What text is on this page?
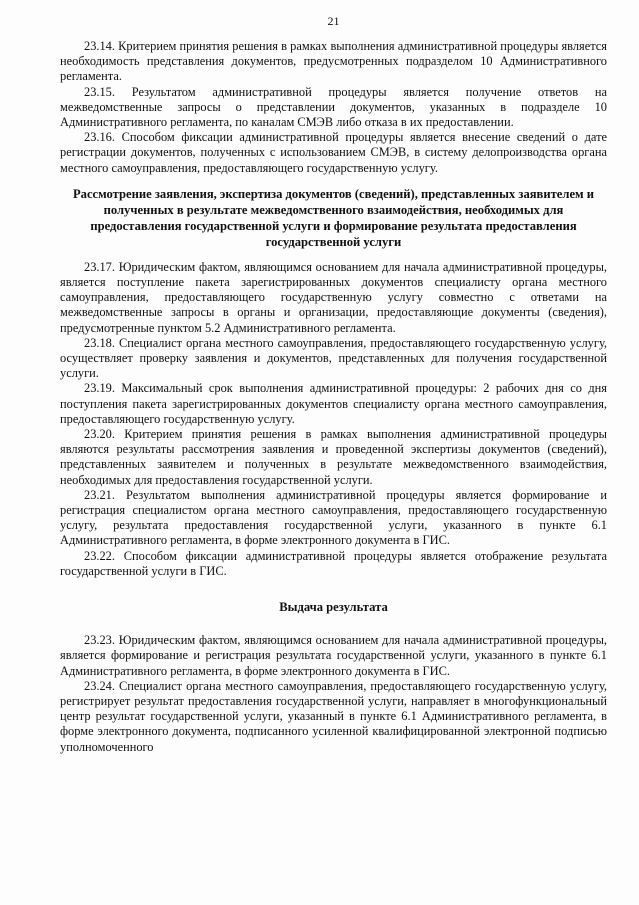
21

23.14. Критерием принятия решения в рамках выполнения административной процедуры является необходимость представления документов, предусмотренных подразделом 10 Административного регламента.

23.15. Результатом административной процедуры является получение ответов на межведомственные запросы о представлении документов, указанных в подразделе 10 Административного регламента, по каналам СМЭВ либо отказа в их предоставлении.

23.16. Способом фиксации административной процедуры является внесение сведений о дате регистрации документов, полученных с использованием СМЭВ, в систему делопроизводства органа местного самоуправления, предоставляющего государственную услугу.

Рассмотрение заявления, экспертиза документов (сведений), представленных заявителем и полученных в результате межведомственного взаимодействия, необходимых для предоставления государственной услуги и формирование результата предоставления государственной услуги

23.17. Юридическим фактом, являющимся основанием для начала административной процедуры, является поступление пакета зарегистрированных документов специалисту органа местного самоуправления, предоставляющего государственную услугу совместно с ответами на межведомственные запросы в органы и организации, предоставляющие документы (сведения), предусмотренные пунктом 5.2 Административного регламента.

23.18. Специалист органа местного самоуправления, предоставляющего государственную услугу, осуществляет проверку заявления и документов, представленных для получения государственной услуги.

23.19. Максимальный срок выполнения административной процедуры: 2 рабочих дня со дня поступления пакета зарегистрированных документов специалисту органа местного самоуправления, предоставляющего государственную услугу.

23.20. Критерием принятия решения в рамках выполнения административной процедуры являются результаты рассмотрения заявления и проведенной экспертизы документов (сведений), представленных заявителем и полученных в результате межведомственного взаимодействия, необходимых для предоставления государственной услуги.

23.21. Результатом выполнения административной процедуры является формирование и регистрация специалистом органа местного самоуправления, предоставляющего государственную услугу, результата предоставления государственной услуги, указанного в пункте 6.1 Административного регламента, в форме электронного документа в ГИС.

23.22. Способом фиксации административной процедуры является отображение результата государственной услуги в ГИС.

Выдача результата

23.23. Юридическим фактом, являющимся основанием для начала административной процедуры, является формирование и регистрация результата государственной услуги, указанного в пункте 6.1 Административного регламента, в форме электронного документа в ГИС.

23.24. Специалист органа местного самоуправления, предоставляющего государственную услугу, регистрирует результат предоставления государственной услуги, направляет в многофункциональный центр результат государственной услуги, указанный в пункте 6.1 Административного регламента, в форме электронного документа, подписанного усиленной квалифицированной электронной подписью уполномоченного
